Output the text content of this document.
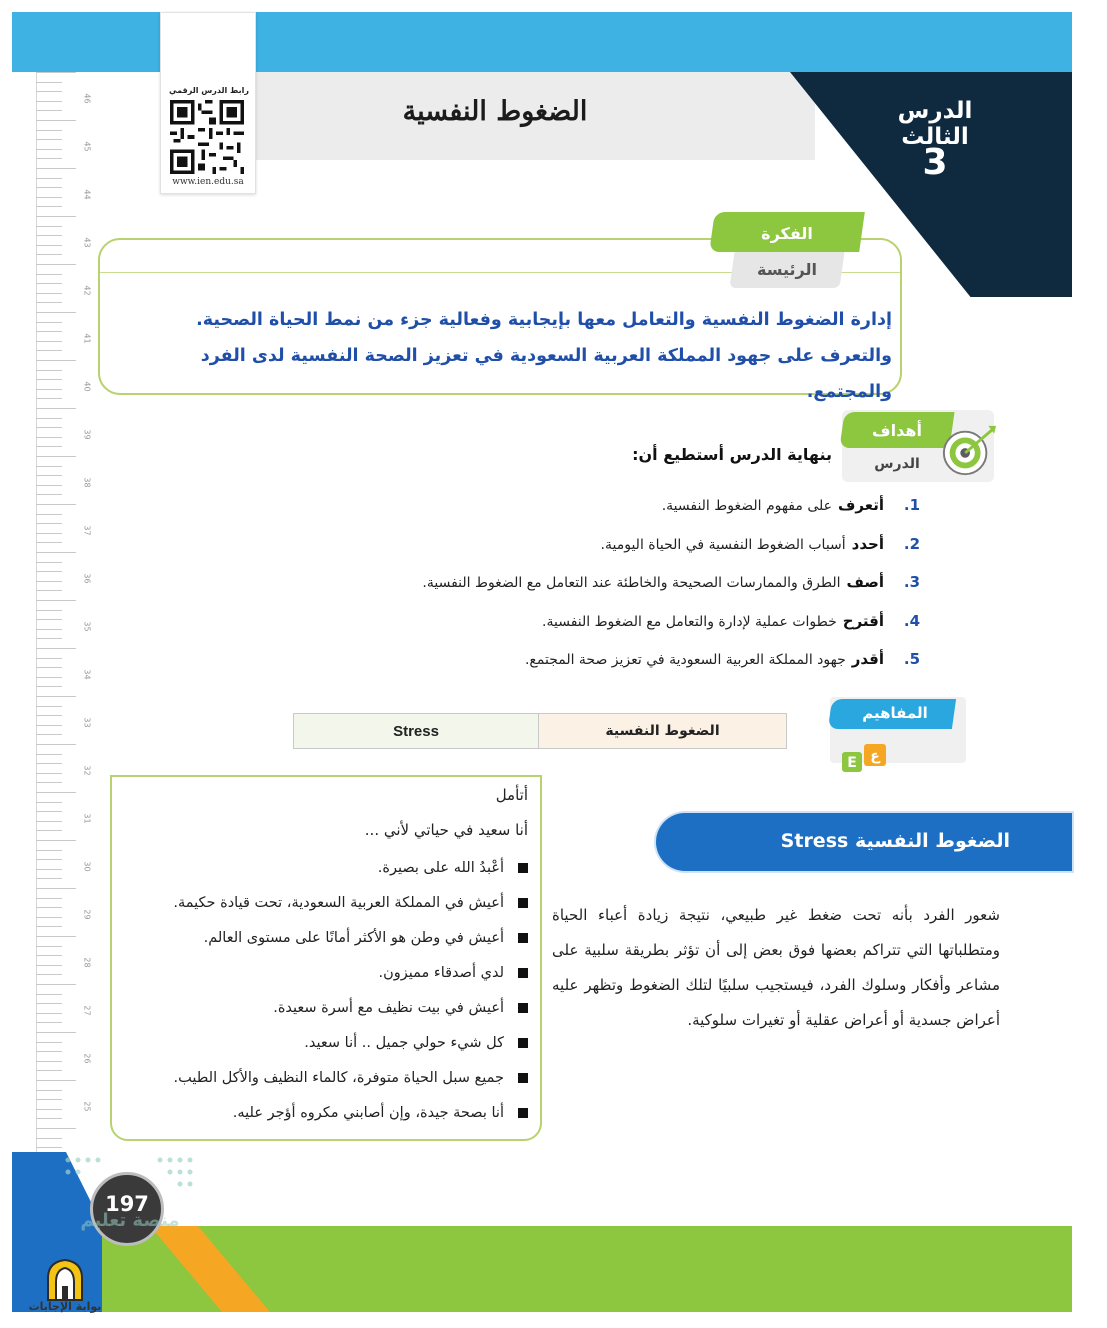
46
45
44
43
42
41
40
39
38
37
36
35
34
33
32
31
30
29
28
27
26
25
الضغوط النفسية	الدرس الثالث
3
رابط الدرس الرقمي
www.ien.edu.sa
الفكرة
الرئيسة
إدارة الضغوط النفسية والتعامل معها بإيجابية وفعالية جزء من نمط الحياة الصحية.
والتعرف على جهود المملكة العربية السعودية في تعزيز الصحة النفسية لدى الفرد والمجتمع.
أهداف
الدرس
بنهاية الدرس أستطيع أن:
1.
أتعرف
على مفهوم الضغوط النفسية.
2.
أحدد
أسباب الضغوط النفسية في الحياة اليومية.
3.
أصف
الطرق والممارسات الصحيحة والخاطئة عند التعامل مع الضغوط النفسية.
4.
أقترح
خطوات عملية لإدارة والتعامل مع الضغوط النفسية.
5.
أقدر
جهود المملكة العربية السعودية في تعزيز صحة المجتمع.
المفاهيم
E ع
Stress	الضغوط النفسية
أتأمل
أنا سعيد في حياتي لأني ...
أعْبدُ الله على بصيرة.
أعيش في المملكة العربية السعودية، تحت قيادة حكيمة.
أعيش في وطن هو الأكثر أمانًا على مستوى العالم.
لدي أصدقاء مميزون.
أعيش في بيت نظيف مع أسرة سعيدة.
كل شيء حولي جميل .. أنا سعيد.
جميع سبل الحياة متوفرة، كالماء النظيف والأكل الطيب.
أنا بصحة جيدة، وإن أصابني مكروه أؤجر عليه.
الضغوط النفسية Stress
شعور الفرد بأنه تحت ضغط غير طبيعي، نتيجة زيادة أعباء الحياة ومتطلباتها التي تتراكم بعضها فوق بعض إلى أن تؤثر بطريقة سلبية على مشاعر وأفكار وسلوك الفرد، فيستجيب سلبيًا لتلك الضغوط وتظهر عليه أعراض جسدية أو أعراض عقلية أو تغيرات سلوكية.
197
منصة تعليم
بوابة الإجابات
